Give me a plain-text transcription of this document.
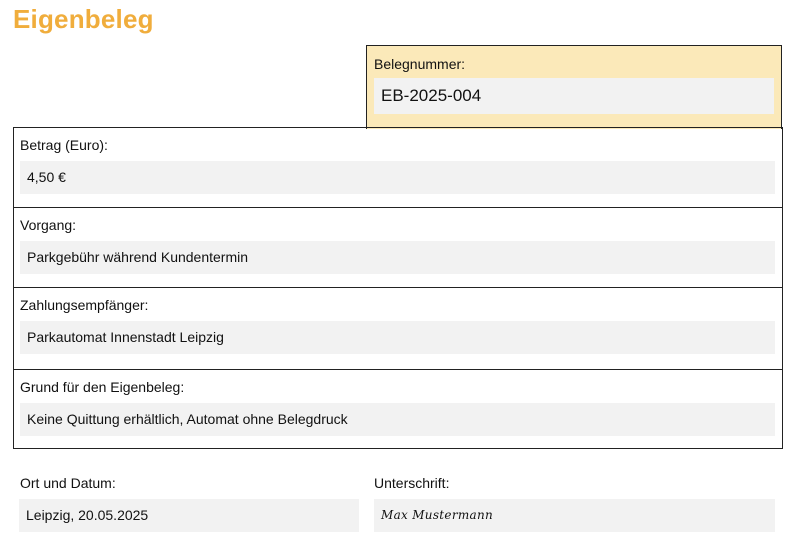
Eigenbeleg
Belegnummer:
EB-2025-004
Betrag (Euro):
4,50 €
Vorgang:
Parkgebühr während Kundentermin
Zahlungsempfänger:
Parkautomat Innenstadt Leipzig
Grund für den Eigenbeleg:
Keine Quittung erhältlich, Automat ohne Belegdruck
Ort und Datum:
Leipzig, 20.05.2025
Unterschrift:
Max Mustermann
